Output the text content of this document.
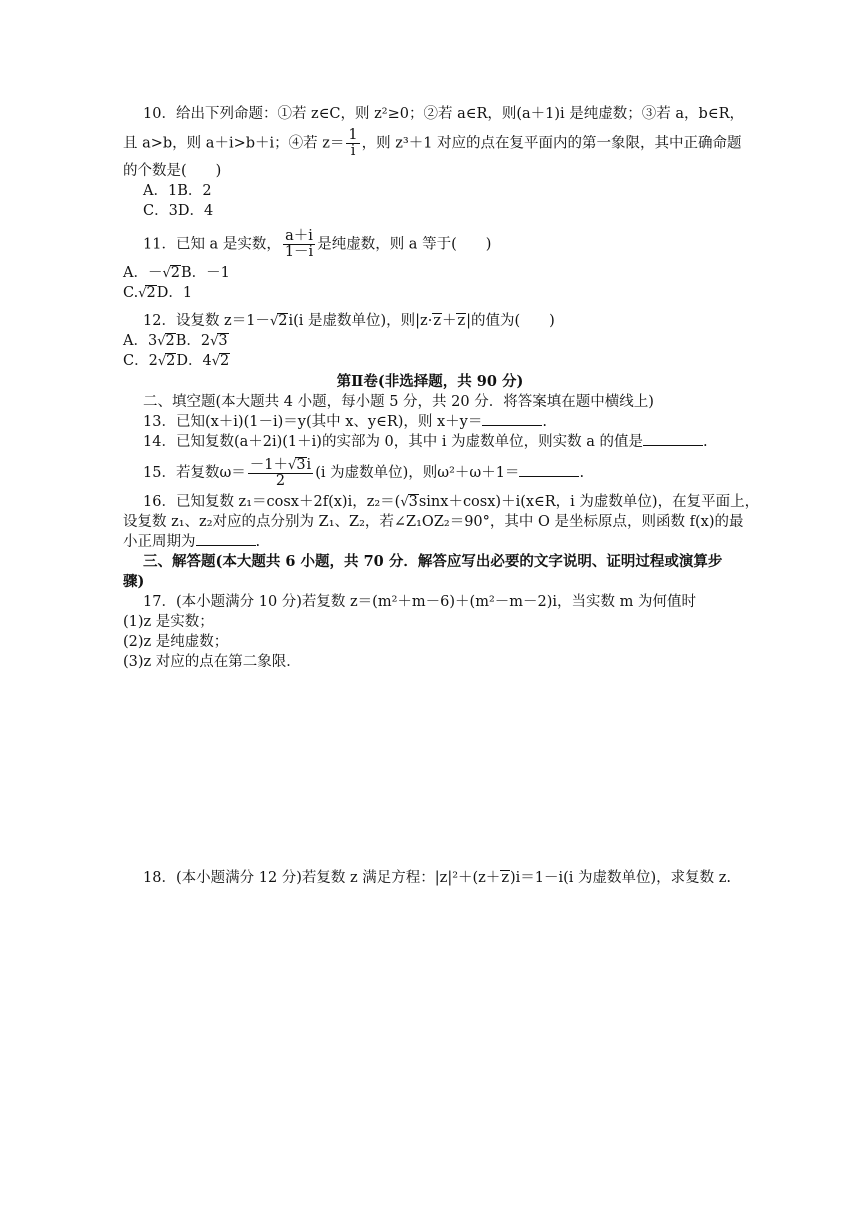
10．给出下列命题：①若 z∈C，则 z²≥0；②若 a∈R，则(a＋1)i 是纯虚数；③若 a，b∈R，
且 a>b，则 a＋i>b＋i；④若 $z= \frac{1}{i}$ ，则 z³＋1 对应的点在复平面内的第一象限，其中正确命题
的个数是(　　)
A．1B．2
C．3D．4
11．已知 a 是实数， $\frac{a+i}{1-i}$ 是纯虚数，则 a 等于(　　)
A．－√2B．－1
C.√2D．1
12．设复数 z＝1－√2i(i 是虚数单位)，则|z·z＋z|的值为(　　)
A．3√2B．2√3
C．2√2D．4√2
第Ⅱ卷(非选择题，共 90 分)
二、填空题(本大题共 4 小题，每小题 5 分，共 20 分．将答案填在题中横线上)
13．已知(x＋i)(1－i)＝y(其中 x、y∈R)，则 x＋y＝	.
14．已知复数(a＋2i)(1＋i)的实部为 0，其中 i 为虚数单位，则实数 a 的值是	.
15．若复数$\omega= \frac{-1+√3i}{2} (i$ 为虚数单位)，则ω²＋ω＋1＝	.
16．已知复数 z₁＝cosx＋2f(x)i，z₂＝(√3sinx＋cosx)＋i(x∈R，i 为虚数单位)，在复平面上，
设复数 z₁、z₂对应的点分别为 Z₁、Z₂，若∠Z₁OZ₂＝90°，其中 O 是坐标原点，则函数 f(x)的最
小正周期为	.
三、解答题(本大题共 6 小题，共 70 分．解答应写出必要的文字说明、证明过程或演算步
骤)
17．(本小题满分 10 分)若复数 z＝(m²＋m－6)＋(m²－m－2)i，当实数 m 为何值时
(1)z 是实数；
(2)z 是纯虚数；
(3)z 对应的点在第二象限．
18．(本小题满分 12 分)若复数 z 满足方程：|z|²＋(z＋z)i＝1－i(i 为虚数单位)，求复数 z.
